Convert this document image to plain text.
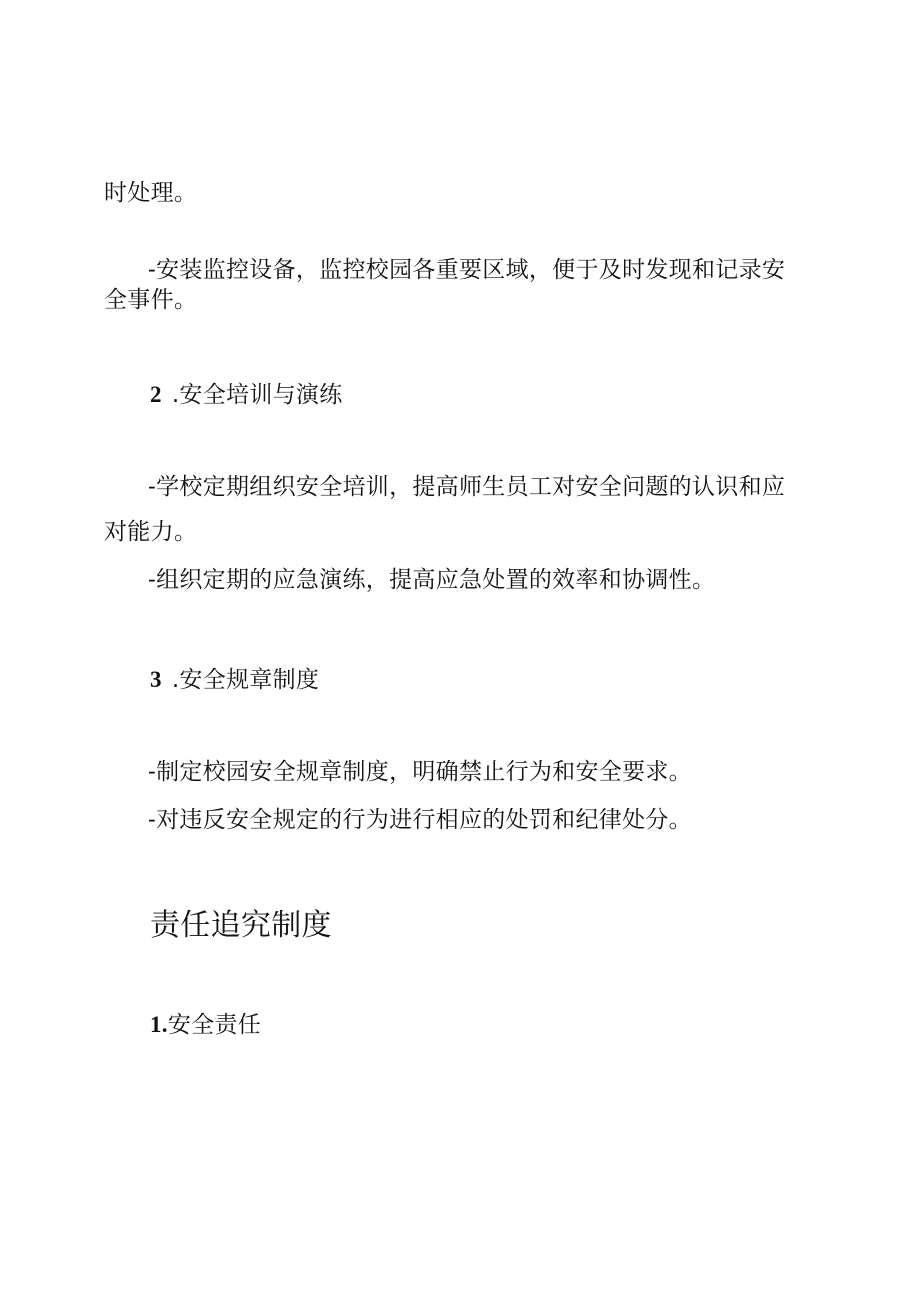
时处理。
-安装监控设备，监控校园各重要区域，便于及时发现和记录安
全事件。
2 .安全培训与演练
-学校定期组织安全培训，提高师生员工对安全问题的认识和应
对能力。
-组织定期的应急演练，提高应急处置的效率和协调性。
3 .安全规章制度
-制定校园安全规章制度，明确禁止行为和安全要求。
-对违反安全规定的行为进行相应的处罚和纪律处分。
责任追究制度
1.安全责任
